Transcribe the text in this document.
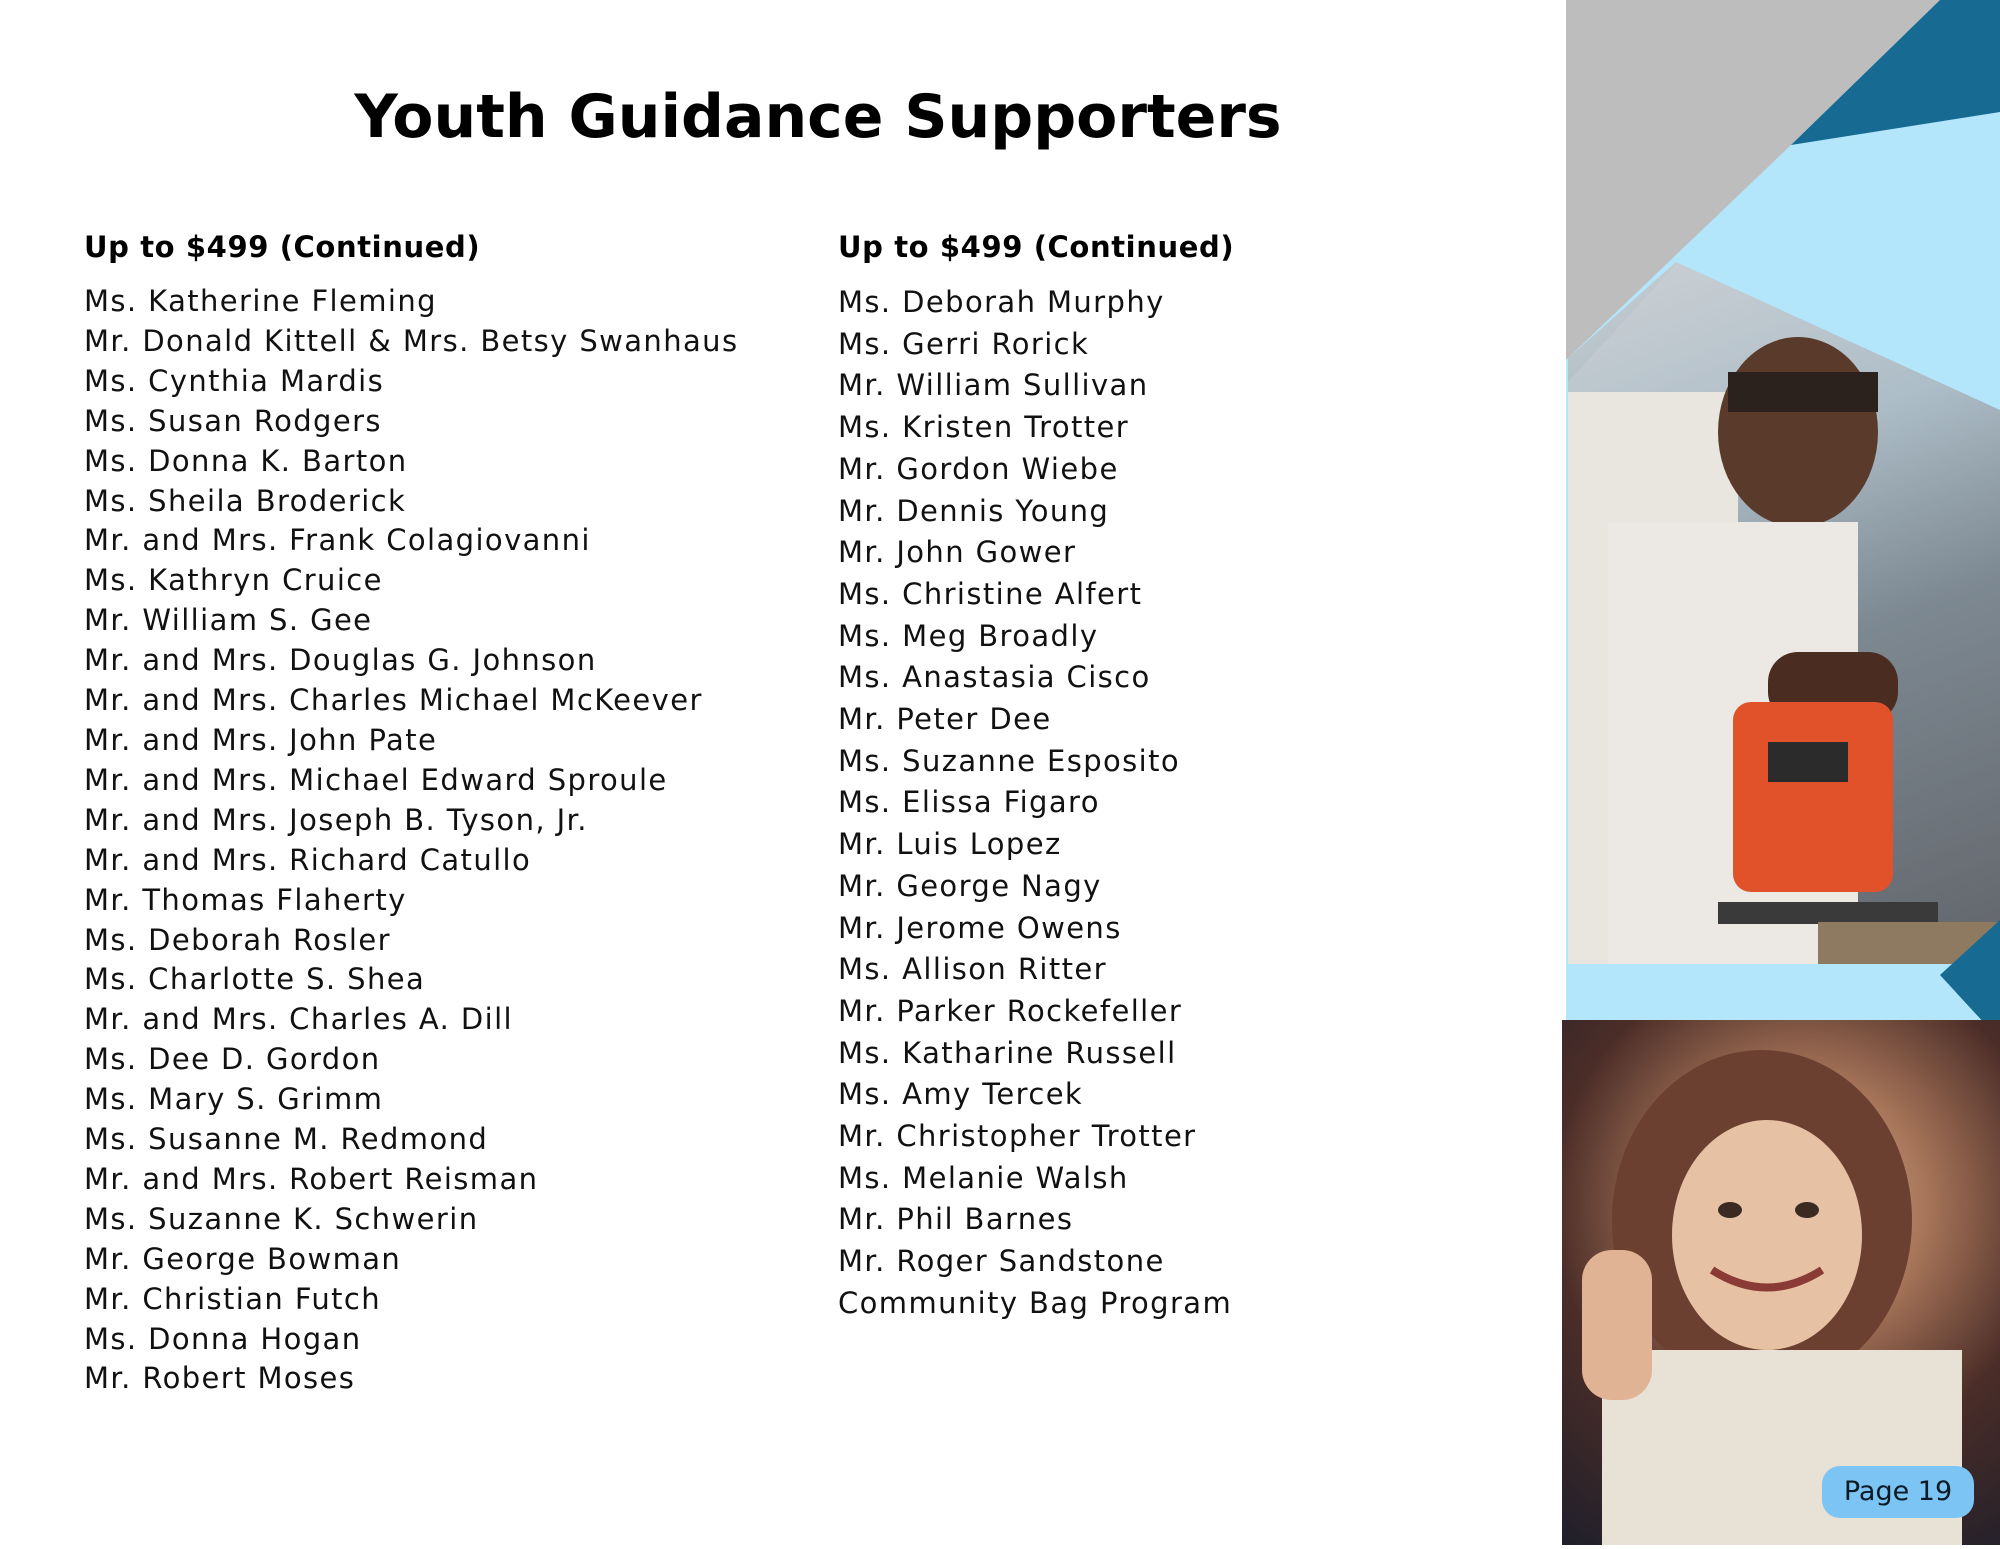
Youth Guidance Supporters
Up to $499 (Continued)
Ms. Katherine Fleming
Mr. Donald Kittell & Mrs. Betsy Swanhaus
Ms. Cynthia Mardis
Ms. Susan Rodgers
Ms. Donna K. Barton
Ms. Sheila Broderick
Mr. and Mrs. Frank Colagiovanni
Ms. Kathryn Cruice
Mr. William S. Gee
Mr. and Mrs. Douglas G. Johnson
Mr. and Mrs. Charles Michael McKeever
Mr. and Mrs. John Pate
Mr. and Mrs. Michael Edward Sproule
Mr. and Mrs. Joseph B. Tyson, Jr.
Mr. and Mrs. Richard Catullo
Mr. Thomas Flaherty
Ms. Deborah Rosler
Ms. Charlotte S. Shea
Mr. and Mrs. Charles A. Dill
Ms. Dee D. Gordon
Ms. Mary S. Grimm
Ms. Susanne M. Redmond
Mr. and Mrs. Robert Reisman
Ms. Suzanne K. Schwerin
Mr. George Bowman
Mr. Christian Futch
Ms. Donna Hogan
Mr. Robert Moses
Up to $499 (Continued)
Ms. Deborah Murphy
Ms. Gerri Rorick
Mr. William Sullivan
Ms. Kristen Trotter
Mr. Gordon Wiebe
Mr. Dennis Young
Mr. John Gower
Ms. Christine Alfert
Ms. Meg Broadly
Ms. Anastasia Cisco
Mr. Peter Dee
Ms. Suzanne Esposito
Ms. Elissa Figaro
Mr. Luis Lopez
Mr. George Nagy
Mr. Jerome Owens
Ms. Allison Ritter
Mr. Parker Rockefeller
Ms. Katharine Russell
Ms. Amy Tercek
Mr. Christopher Trotter
Ms. Melanie Walsh
Mr. Phil Barnes
Mr. Roger Sandstone
Community Bag Program
Page 19
